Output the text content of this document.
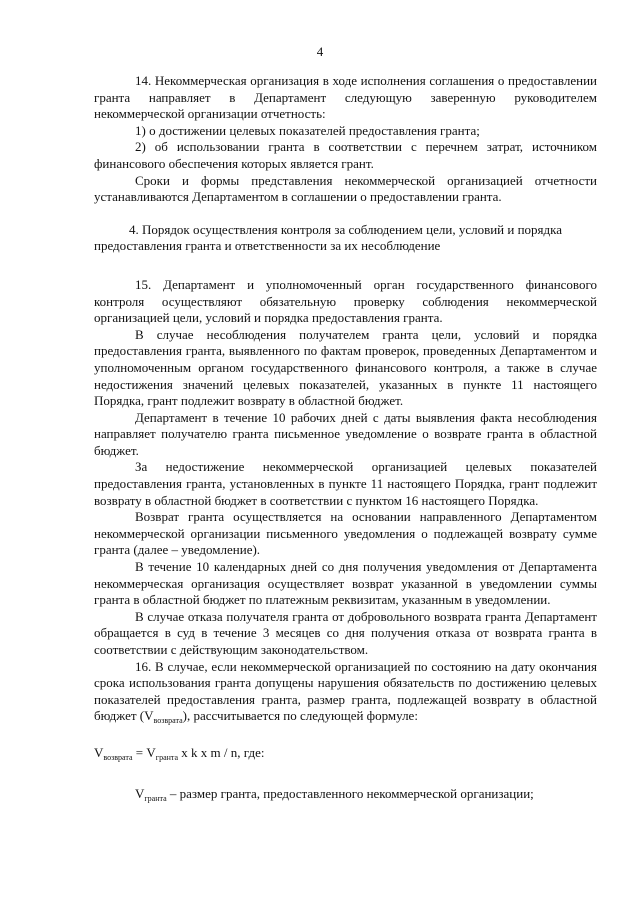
4

14. Некоммерческая организация в ходе исполнения соглашения о предоставлении гранта направляет в Департамент следующую заверенную руководителем некоммерческой организации отчетность:

1) о достижении целевых показателей предоставления гранта;

2) об использовании гранта в соответствии с перечнем затрат, источником финансового обеспечения которых является грант.

Сроки и формы представления некоммерческой организацией отчетности устанавливаются Департаментом в соглашении о предоставлении гранта.

4. Порядок осуществления контроля за соблюдением цели, условий и порядка предоставления гранта и ответственности за их несоблюдение

15. Департамент и уполномоченный орган государственного финансового контроля осуществляют обязательную проверку соблюдения некоммерческой организацией цели, условий и порядка предоставления гранта.

В случае несоблюдения получателем гранта цели, условий и порядка предоставления гранта, выявленного по фактам проверок, проведенных Департаментом и уполномоченным органом государственного финансового контроля, а также в случае недостижения значений целевых показателей, указанных в пункте 11 настоящего Порядка, грант подлежит возврату в областной бюджет.

Департамент в течение 10 рабочих дней с даты выявления факта несоблюдения направляет получателю гранта письменное уведомление о возврате гранта в областной бюджет.

За недостижение некоммерческой организацией целевых показателей предоставления гранта, установленных в пункте 11 настоящего Порядка, грант подлежит возврату в областной бюджет в соответствии с пунктом 16 настоящего Порядка.

Возврат гранта осуществляется на основании направленного Департаментом некоммерческой организации письменного уведомления о подлежащей возврату сумме гранта (далее – уведомление).

В течение 10 календарных дней со дня получения уведомления от Департамента некоммерческая организация осуществляет возврат указанной в уведомлении суммы гранта в областной бюджет по платежным реквизитам, указанным в уведомлении.

В случае отказа получателя гранта от добровольного возврата гранта Департамент обращается в суд в течение 3 месяцев со дня получения отказа от возврата гранта в соответствии с действующим законодательством.

16. В случае, если некоммерческой организацией по состоянию на дату окончания срока использования гранта допущены нарушения обязательств по достижению целевых показателей предоставления гранта, размер гранта, подлежащей возврату в областной бюджет $(V_{возврата})$, рассчитывается по следующей формуле:

$V_{возврата} = V_{гранта}$ x k x m / n, где:

$V_{гранта}$ – размер гранта, предоставленного некоммерческой организации;
